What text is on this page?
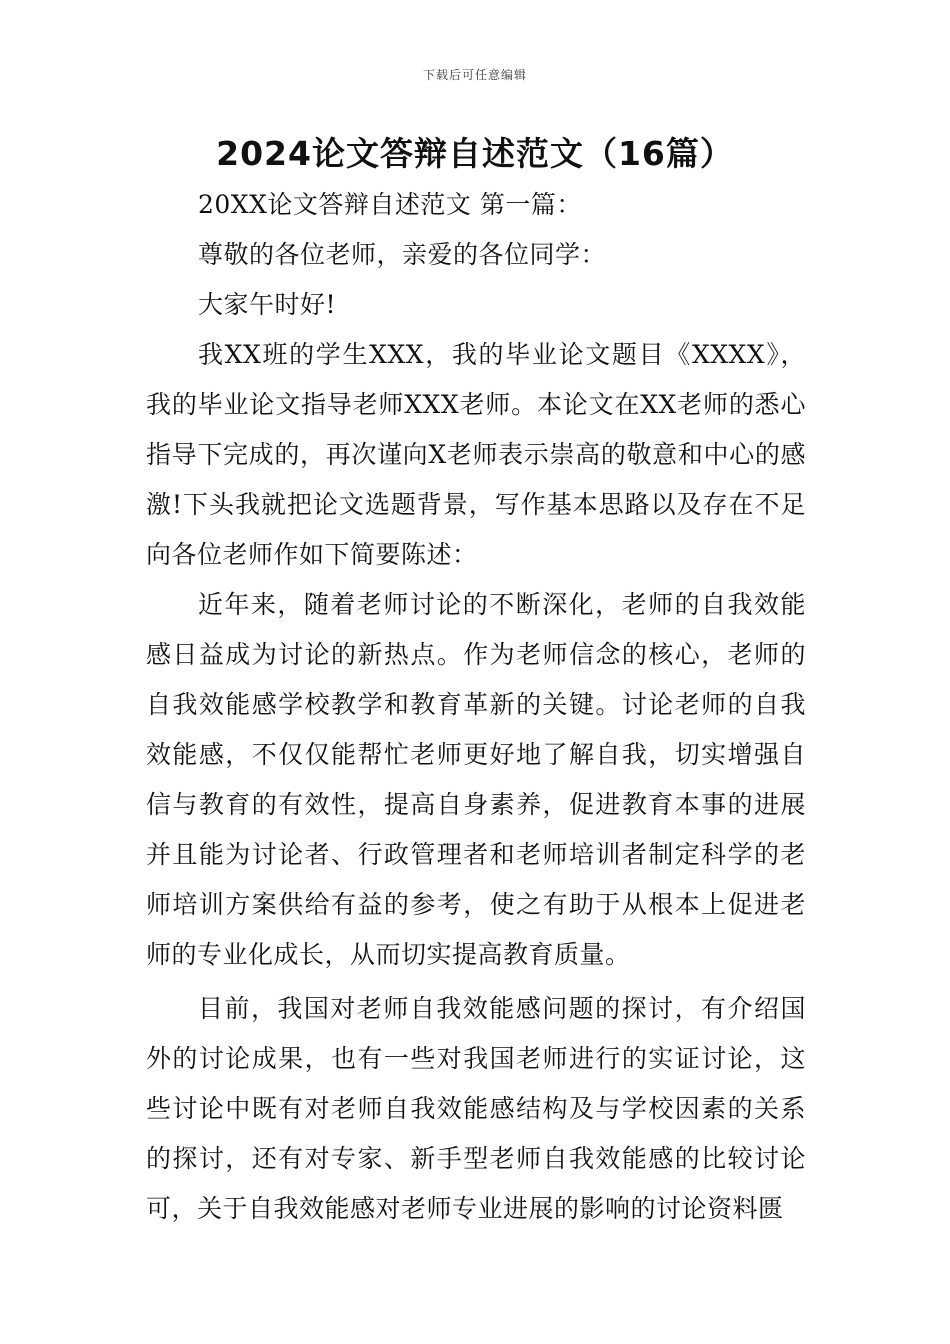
下载后可任意编辑
2024论文答辩自述范文（16篇）

20XX论文答辩自述范文 第一篇：

尊敬的各位老师，亲爱的各位同学：

大家午时好!

我XX班的学生XXX，我的毕业论文题目《XXXX》，我的毕业论文指导老师XXX老师。本论文在XX老师的悉心指导下完成的，再次谨向X老师表示崇高的敬意和中心的感激!下头我就把论文选题背景，写作基本思路以及存在不足向各位老师作如下简要陈述：

近年来，随着老师讨论的不断深化，老师的自我效能感日益成为讨论的新热点。作为老师信念的核心，老师的自我效能感学校教学和教育革新的关键。讨论老师的自我效能感，不仅仅能帮忙老师更好地了解自我，切实增强自信与教育的有效性，提高自身素养，促进教育本事的进展并且能为讨论者、行政管理者和老师培训者制定科学的老师培训方案供给有益的参考，使之有助于从根本上促进老师的专业化成长，从而切实提高教育质量。

目前，我国对老师自我效能感问题的探讨，有介绍国外的讨论成果，也有一些对我国老师进行的实证讨论，这些讨论中既有对老师自我效能感结构及与学校因素的关系的探讨，还有对专家、新手型老师自我效能感的比较讨论可，关于自我效能感对老师专业进展的影响的讨论资料匮
